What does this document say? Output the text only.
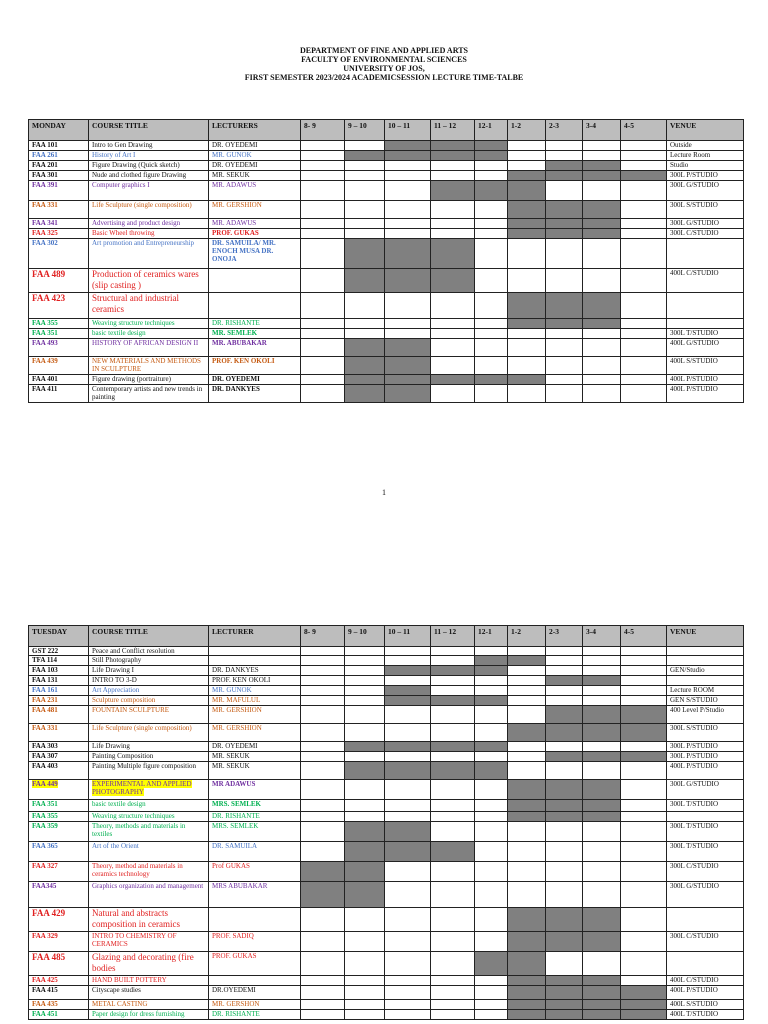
DEPARTMENT OF FINE AND APPLIED ARTS
FACULTY OF ENVIRONMENTAL SCIENCES
UNIVERSITY OF JOS,
FIRST SEMESTER 2023/2024 ACADEMICSESSION LECTURE TIME-TALBE
MONDAY	COURSE TITLE	LECTURERS	8- 9	9 – 10	10 – 11	11 – 12	12-1	1-2	2-3	3-4	4-5	VENUE
FAA 101	Intro to Gen Drawing	DR. OYEDEMI										Outside
FAA 261	History of Art I	MR. GUNOK										Lecture Room
FAA 201	Figure Drawing (Quick sketch)	DR. OYEDEMI										Studio
FAA 301	Nude and clothed figure Drawing	MR. SEKUK										300L P/STUDIO
FAA 391	Computer graphics I	MR. ADAWUS										300L G/STUDIO
FAA 331	Life Sculpture (single composition)	MR. GERSHION										300L S/STUDIO
FAA 341	Advertising and product design	MR. ADAWUS										300L G/STUDIO
FAA 325	Basic Wheel throwing	PROF. GUKAS										300L C/STUDIO
FAA 302	Art promotion and Entrepreneurship	DR. SAMUILA/ MR. ENOCH MUSA DR. ONOJA										
FAA 489	Production of ceramics wares (slip casting )											400L C/STUDIO
FAA 423	Structural and industrial ceramics											
FAA 355	Weaving structure techniques	DR. RISHANTE										
FAA 351	basic textile design	MR. SEMLEK										300L T/STUDIO
FAA 493	HISTORY OF AFRICAN DESIGN II	MR. ABUBAKAR										400L G/STUDIO
FAA 439	NEW MATERIALS AND METHODS IN SCULPTURE	PROF. KEN OKOLI										400L S/STUDIO
FAA 401	Figure drawing (portraiture)	DR. OYEDEMI										400L P/STUDIO
FAA 411	Contemporary artists and new trends in painting	DR. DANKYES										400L P/STUDIO
1
TUESDAY	COURSE TITLE	LECTURER	8- 9	9 – 10	10 – 11	11 – 12	12-1	1-2	2-3	3-4	4-5	VENUE
GST 222	Peace and Conflict resolution											
TFA 114	Still Photography											
FAA 103	Life Drawing I	DR. DANKYES										GEN/Studio
FAA 131	INTRO TO 3-D	PROF. KEN OKOLI										
FAA 161	Art Appreciation	MR. GUNOK										Lecture ROOM
FAA 231	Sculpture composition	MR. MAFULUL										GEN S/STUDIO
FAA 481	FOUNTAIN SCULPTURE	MR. GERSHION										400 Level P/Studio
FAA 331	Life Sculpture (single composition)	MR. GERSHION										300L S/STUDIO
FAA 303	Life Drawing	DR. OYEDEMI										300L P/STUDIO
FAA 307	Painting Composition	MR. SEKUK										300L P/STUDIO
FAA 403	Painting Multiple figure composition	MR. SEKUK										400L P/STUDIO
FAA 449	EXPERIMENTAL AND APPLIED PHOTOGRAPHY	MR ADAWUS										300L G/STUDIO
FAA 351	basic textile design	MRS. SEMLEK										300L T/STUDIO
FAA 355	Weaving structure techniques	DR. RISHANTE										
FAA 359	Theory, methods and materials in textiles	MRS. SEMLEK										300L T/STUDIO
FAA 365	Art of the Orient	DR. SAMUILA										300L T/STUDIO
FAA 327	Theory, method and materials in ceramics technology	Prof GUKAS										300L C/STUDIO
FAA345	Graphics organization and management	MRS ABUBAKAR										300L G/STUDIO
FAA 429	Natural and abstracts composition in ceramics											
FAA 329	INTRO TO CHEMISTRY OF CERAMICS	PROF. SADIQ										300L C/STUDIO
FAA 485	Glazing and decorating (fire bodies	PROF. GUKAS										
FAA 425	HAND BUILT POTTERY											400L C/STUDIO
FAA 415	Cityscape studies	DR.OYEDEMI										400L P/STUDIO
FAA 435	METAL CASTING	MR. GERSHON										400L S/STUDIO
FAA 451	Paper design for dress furnishing	DR. RISHANTE										400L T/STUDIO
